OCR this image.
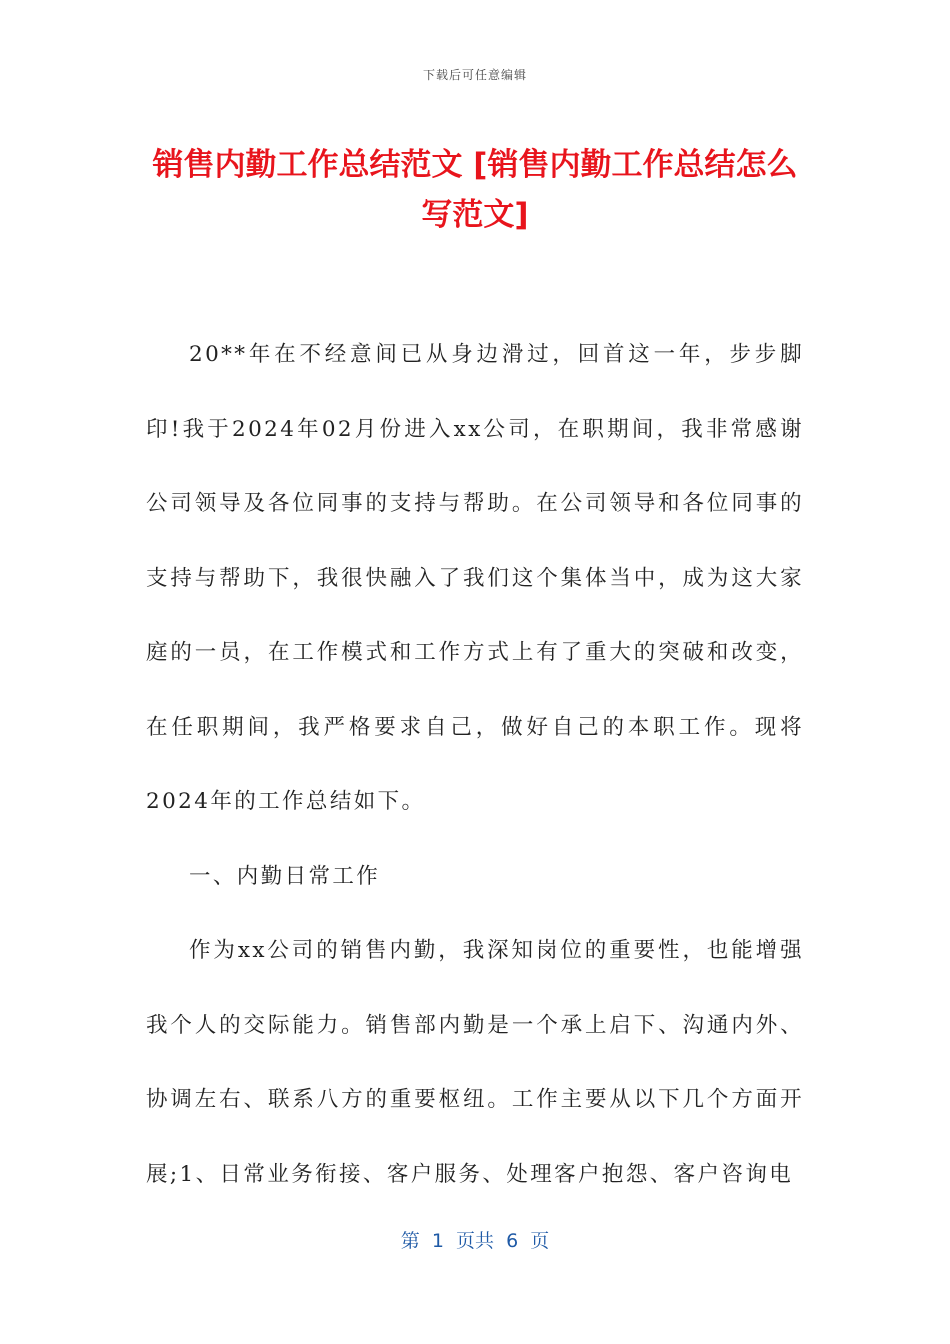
下载后可任意编辑
销售内勤工作总结范文 [销售内勤工作总结怎么写范文]

20**年在不经意间已从身边滑过，回首这一年，步步脚印!我于2024年02月份进入xx公司，在职期间，我非常感谢公司领导及各位同事的支持与帮助。在公司领导和各位同事的支持与帮助下，我很快融入了我们这个集体当中，成为这大家庭的一员，在工作模式和工作方式上有了重大的突破和改变，在任职期间，我严格要求自己，做好自己的本职工作。现将2024年的工作总结如下。

一、内勤日常工作

作为xx公司的销售内勤，我深知岗位的重要性，也能增强我个人的交际能力。销售部内勤是一个承上启下、沟通内外、协调左右、联系八方的重要枢纽。工作主要从以下几个方面开展;1、日常业务衔接、客户服务、处理客户抱怨、客户咨询电

第  1  页共  6  页
